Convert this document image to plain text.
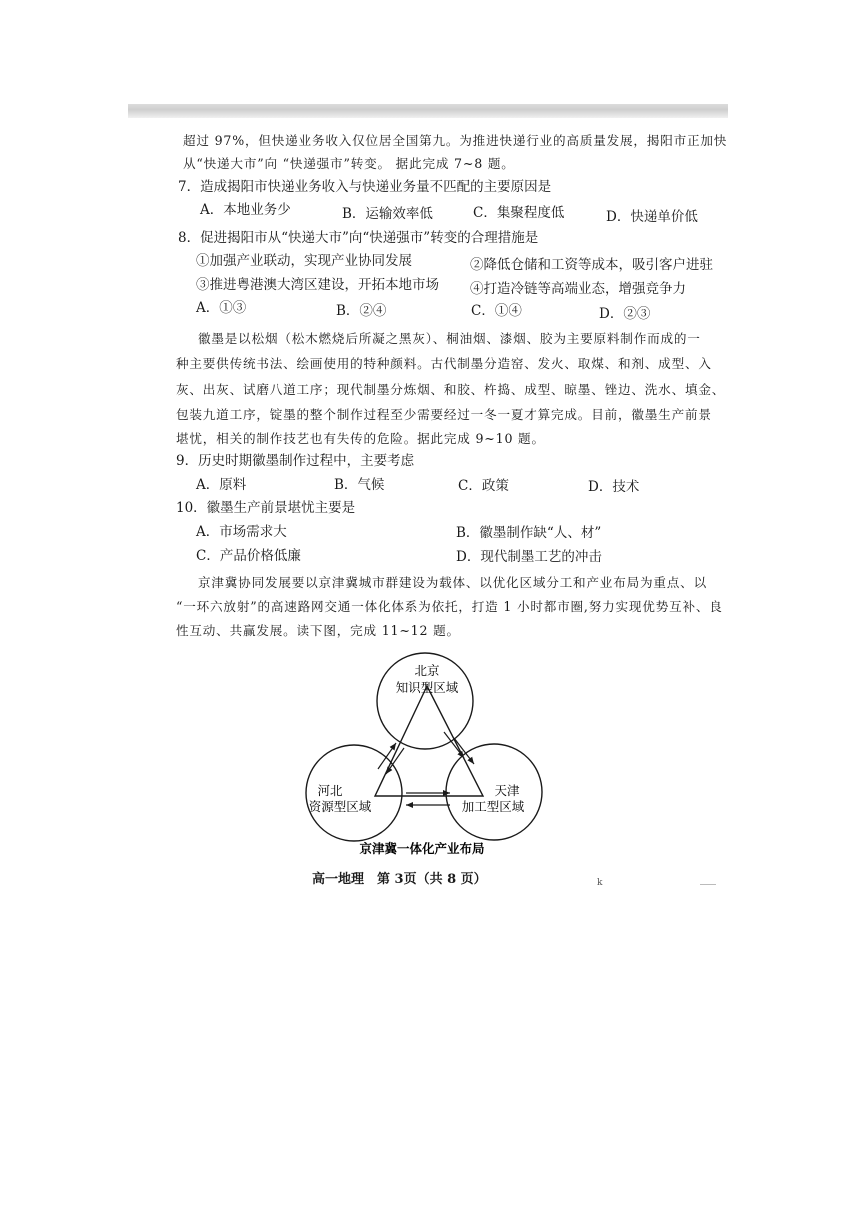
超过 97%，但快递业务收入仅位居全国第九。为推进快递行业的高质量发展，揭阳市正加快
从“快递大市”向 “快递强市”转变。 据此完成 7~8 题。
7．造成揭阳市快递业务收入与快递业务量不匹配的主要原因是
A．本地业务少	B．运输效率低	C．集聚程度低	D．快递单价低
8．促进揭阳市从“快递大市”向“快递强市”转变的合理措施是
①加强产业联动，实现产业协同发展	②降低仓储和工资等成本，吸引客户进驻
③推进粤港澳大湾区建设，开拓本地市场 ④打造冷链等高端业态，增强竞争力
A．①③	B．②④	C．①④	D．②③
徽墨是以松烟（松木燃烧后所凝之黑灰）、桐油烟、漆烟、胶为主要原料制作而成的一
种主要供传统书法、绘画使用的特种颜料。古代制墨分造窑、发火、取煤、和剂、成型、入
灰、出灰、试磨八道工序；现代制墨分炼烟、和胶、杵捣、成型、晾墨、锉边、洗水、填金、
包装九道工序，锭墨的整个制作过程至少需要经过一冬一夏才算完成。目前，徽墨生产前景
堪忧，相关的制作技艺也有失传的危险。据此完成 9~10 题。
9．历史时期徽墨制作过程中，主要考虑
A．原料	B．气候	C．政策	D．技术
10．徽墨生产前景堪忧主要是
A．市场需求大	B．徽墨制作缺“人、材”
C．产品价格低廉	D．现代制墨工艺的冲击
京津冀协同发展要以京津冀城市群建设为载体、以优化区域分工和产业布局为重点、以
“一环六放射”的高速路网交通一体化体系为依托，打造 1 小时都市圈,努力实现优势互补、良
性互动、共赢发展。读下图，完成 11~12 题。
北京
知识型区域
河北
资源型区域
天津
加工型区域
京津冀一体化产业布局
高一地理　第 3页（共 8 页）	k
